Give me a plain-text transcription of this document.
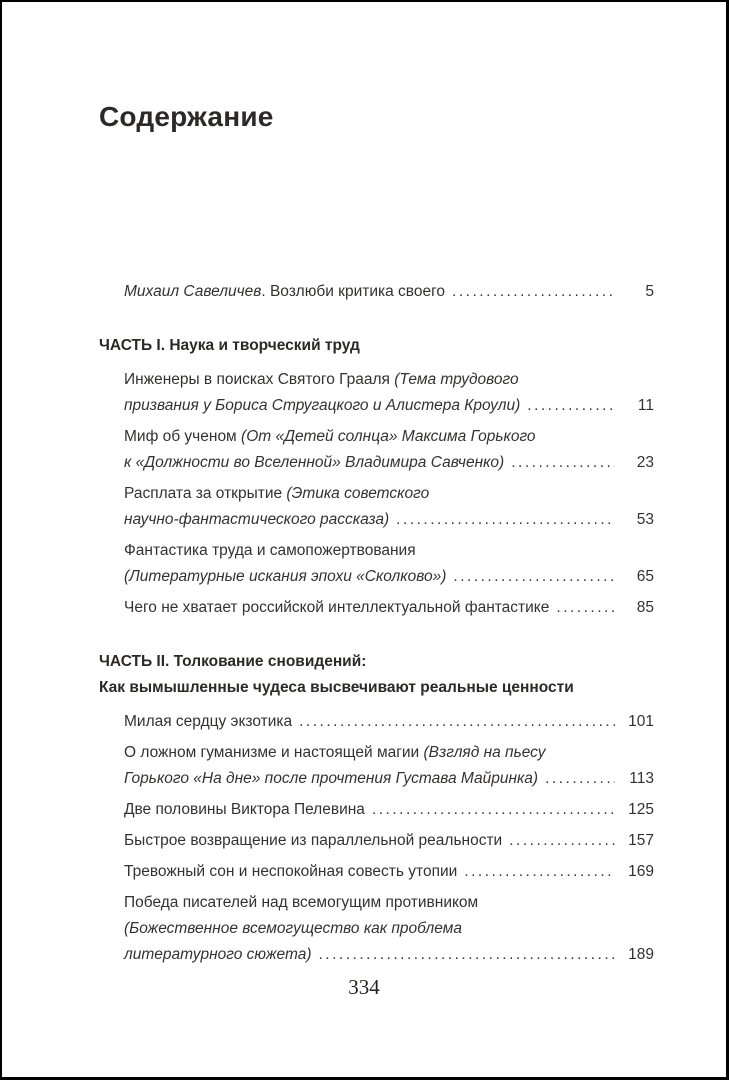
Содержание
Михаил Савеличев. Возлюби критика своего .....	5
ЧАСТЬ I. Наука и творческий труд
Инженеры в поисках Святого Грааля (Тема трудового
призвания у Бориса Стругацкого и Алистера Кроули) .....	11
Миф об ученом (От «Детей солнца» Максима Горького
к «Должности во Вселенной» Владимира Савченко) .....	23
Расплата за открытие (Этика советского
научно-фантастического рассказа) .....	53
Фантастика труда и самопожертвования
(Литературные искания эпохи «Сколково») .....	65
Чего не хватает российской интеллектуальной фантастике .....	85
ЧАСТЬ II. Толкование сновидений:
Как вымышленные чудеса высвечивают реальные ценности
Милая сердцу экзотика .....	101
О ложном гуманизме и настоящей магии (Взгляд на пьесу
Горького «На дне» после прочтения Густава Майринка) .....	113
Две половины Виктора Пелевина .....	125
Быстрое возвращение из параллельной реальности .....	157
Тревожный сон и неспокойная совесть утопии .....	169
Победа писателей над всемогущим противником
(Божественное всемогущество как проблема
литературного сюжета) .....	189
334
